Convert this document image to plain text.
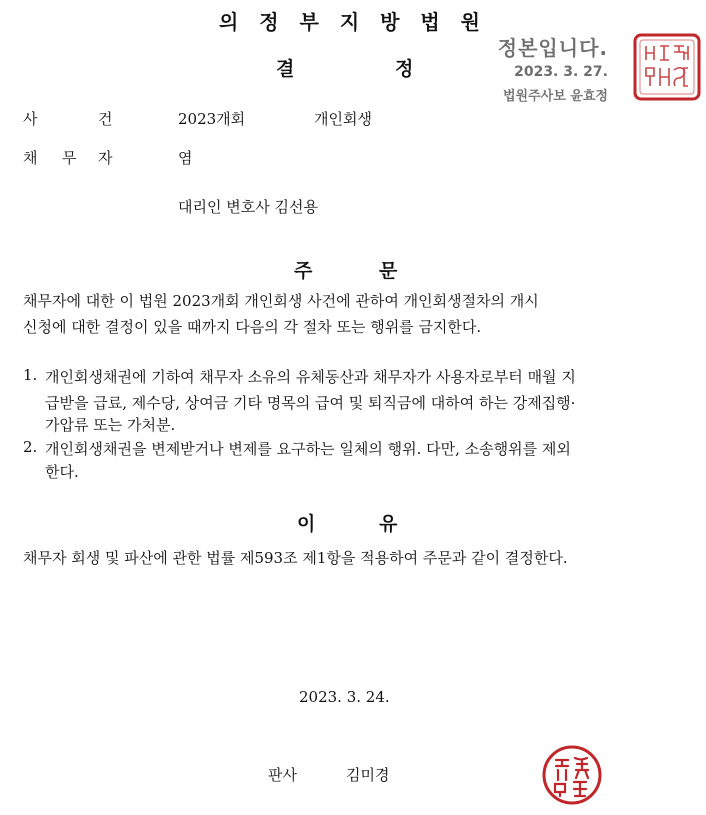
의 정 부 지 방 법 원
결	정
정본입니다.
2023. 3. 27.
법원주사보 윤효정
사	건	2023개회	개인회생
채 무 자	염
대리인 변호사 김선용
주	문
채무자에 대한 이 법원 2023개회 개인회생 사건에 관하여 개인회생절차의 개시
신청에 대한 결정이 있을 때까지 다음의 각 절차 또는 행위를 금지한다.
1. 개인회생채권에 기하여 채무자 소유의 유체동산과 채무자가 사용자로부터 매월 지
급받을 급료, 제수당, 상여금 기타 명목의 급여 및 퇴직금에 대하여 하는 강제집행·
가압류 또는 가처분.
2. 개인회생채권을 변제받거나 변제를 요구하는 일체의 행위. 다만, 소송행위를 제외
한다.
이	유
채무자 회생 및 파산에 관한 법률 제593조 제1항을 적용하여 주문과 같이 결정한다.
2023. 3. 24.
판사	김미경
